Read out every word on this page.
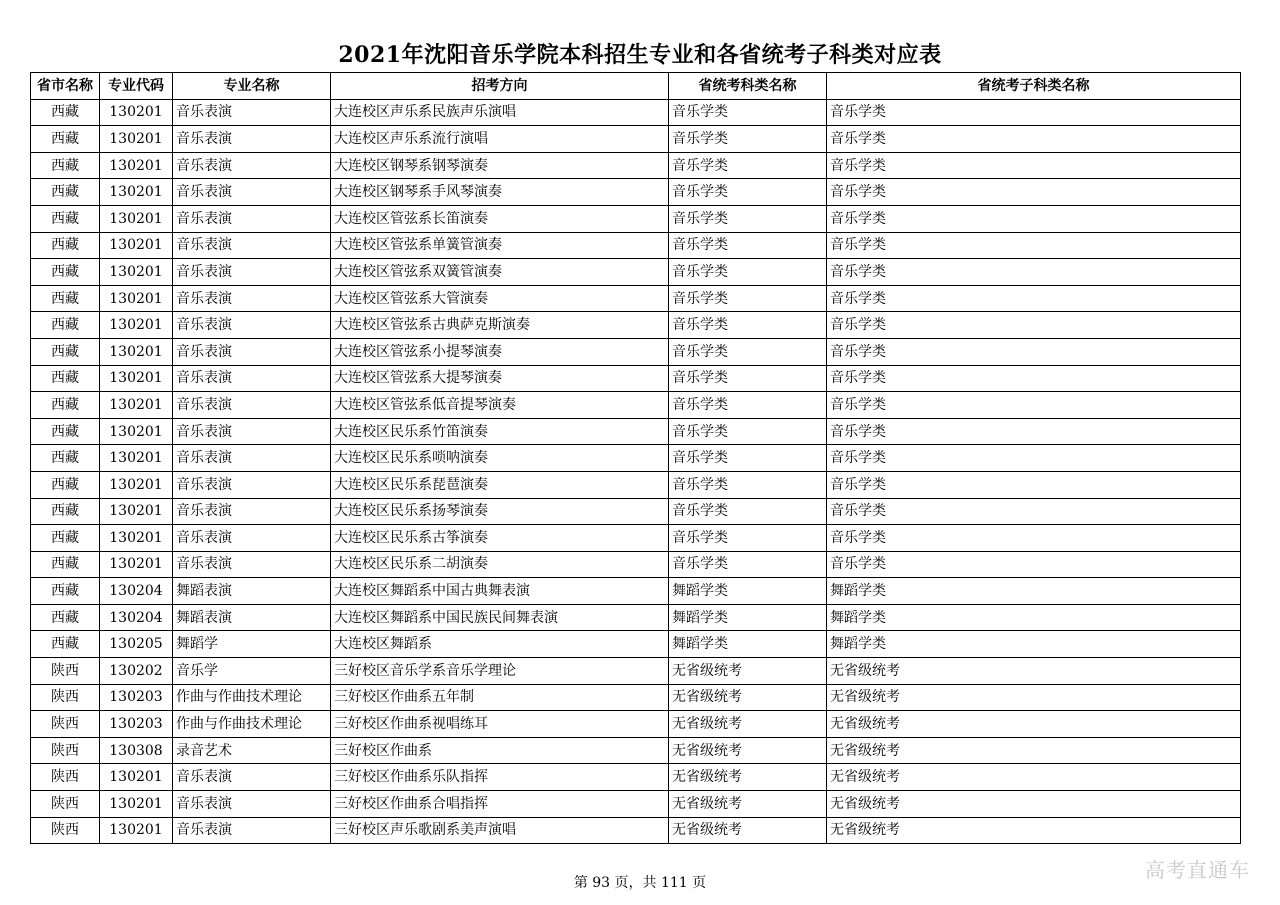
2021年沈阳音乐学院本科招生专业和各省统考子科类对应表
省市名称	专业代码	专业名称	招考方向	省统考科类名称	省统考子科类名称
西藏	130201	音乐表演	大连校区声乐系民族声乐演唱	音乐学类	音乐学类
西藏	130201	音乐表演	大连校区声乐系流行演唱	音乐学类	音乐学类
西藏	130201	音乐表演	大连校区钢琴系钢琴演奏	音乐学类	音乐学类
西藏	130201	音乐表演	大连校区钢琴系手风琴演奏	音乐学类	音乐学类
西藏	130201	音乐表演	大连校区管弦系长笛演奏	音乐学类	音乐学类
西藏	130201	音乐表演	大连校区管弦系单簧管演奏	音乐学类	音乐学类
西藏	130201	音乐表演	大连校区管弦系双簧管演奏	音乐学类	音乐学类
西藏	130201	音乐表演	大连校区管弦系大管演奏	音乐学类	音乐学类
西藏	130201	音乐表演	大连校区管弦系古典萨克斯演奏	音乐学类	音乐学类
西藏	130201	音乐表演	大连校区管弦系小提琴演奏	音乐学类	音乐学类
西藏	130201	音乐表演	大连校区管弦系大提琴演奏	音乐学类	音乐学类
西藏	130201	音乐表演	大连校区管弦系低音提琴演奏	音乐学类	音乐学类
西藏	130201	音乐表演	大连校区民乐系竹笛演奏	音乐学类	音乐学类
西藏	130201	音乐表演	大连校区民乐系唢呐演奏	音乐学类	音乐学类
西藏	130201	音乐表演	大连校区民乐系琵琶演奏	音乐学类	音乐学类
西藏	130201	音乐表演	大连校区民乐系扬琴演奏	音乐学类	音乐学类
西藏	130201	音乐表演	大连校区民乐系古筝演奏	音乐学类	音乐学类
西藏	130201	音乐表演	大连校区民乐系二胡演奏	音乐学类	音乐学类
西藏	130204	舞蹈表演	大连校区舞蹈系中国古典舞表演	舞蹈学类	舞蹈学类
西藏	130204	舞蹈表演	大连校区舞蹈系中国民族民间舞表演	舞蹈学类	舞蹈学类
西藏	130205	舞蹈学	大连校区舞蹈系	舞蹈学类	舞蹈学类
陕西	130202	音乐学	三好校区音乐学系音乐学理论	无省级统考	无省级统考
陕西	130203	作曲与作曲技术理论	三好校区作曲系五年制	无省级统考	无省级统考
陕西	130203	作曲与作曲技术理论	三好校区作曲系视唱练耳	无省级统考	无省级统考
陕西	130308	录音艺术	三好校区作曲系	无省级统考	无省级统考
陕西	130201	音乐表演	三好校区作曲系乐队指挥	无省级统考	无省级统考
陕西	130201	音乐表演	三好校区作曲系合唱指挥	无省级统考	无省级统考
陕西	130201	音乐表演	三好校区声乐歌剧系美声演唱	无省级统考	无省级统考
第 93 页，共 111 页
高考直通车
